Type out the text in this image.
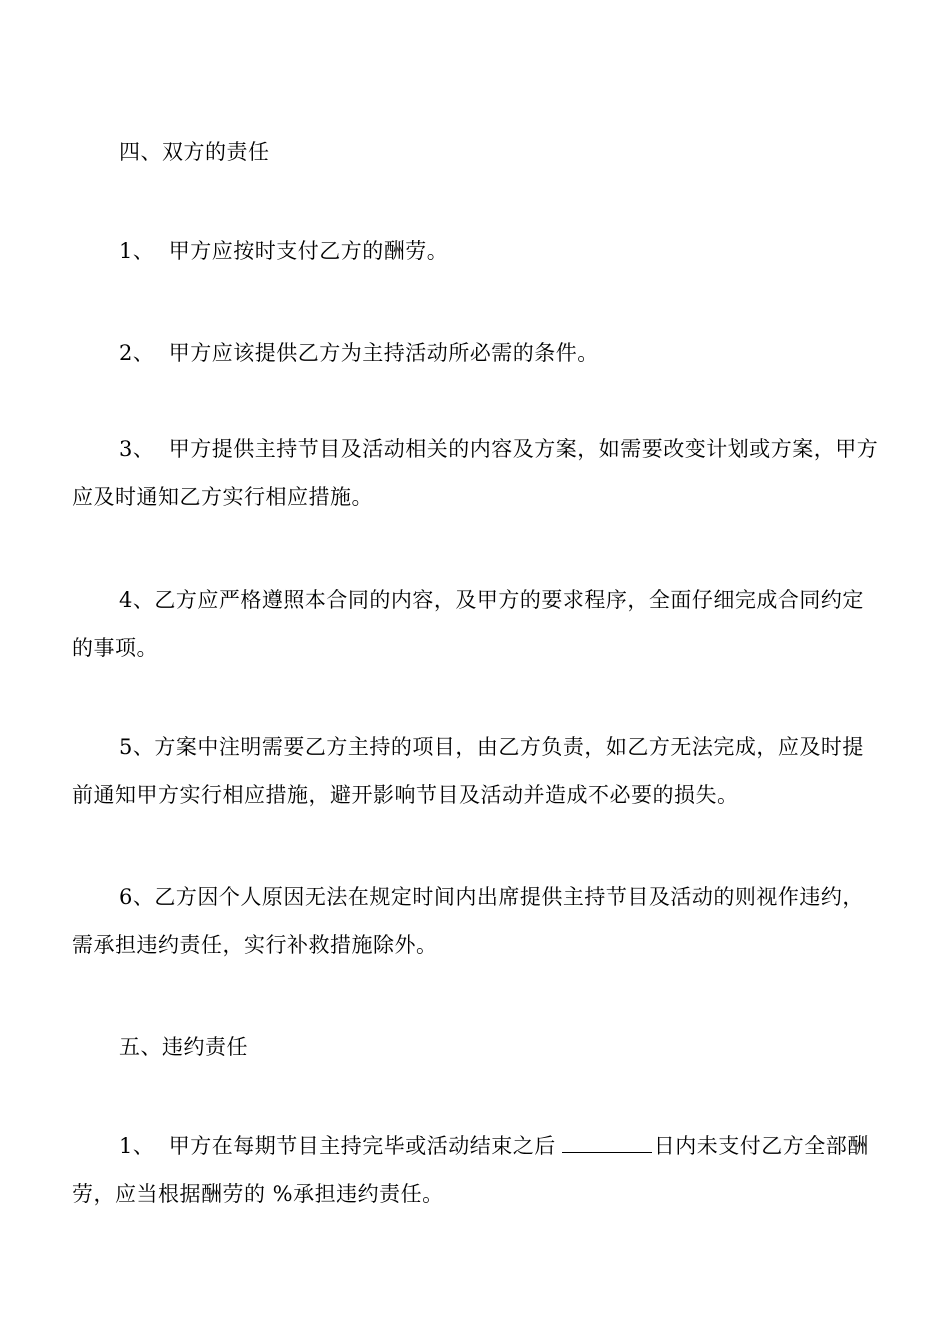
四、双方的责任

1、  甲方应按时支付乙方的酬劳。

2、  甲方应该提供乙方为主持活动所必需的条件。

3、  甲方提供主持节目及活动相关的内容及方案，如需要改变计划或方案，甲方应及时通知乙方实行相应措施。

4、乙方应严格遵照本合同的内容，及甲方的要求程序，全面仔细完成合同约定的事项。

5、方案中注明需要乙方主持的项目，由乙方负责，如乙方无法完成，应及时提前通知甲方实行相应措施，避开影响节目及活动并造成不必要的损失。

6、乙方因个人原因无法在规定时间内出席提供主持节目及活动的则视作违约，需承担违约责任，实行补救措施除外。

五、违约责任

1、  甲方在每期节目主持完毕或活动结束之后	日内未支付乙方全部酬劳，应当根据酬劳的 %承担违约责任。
